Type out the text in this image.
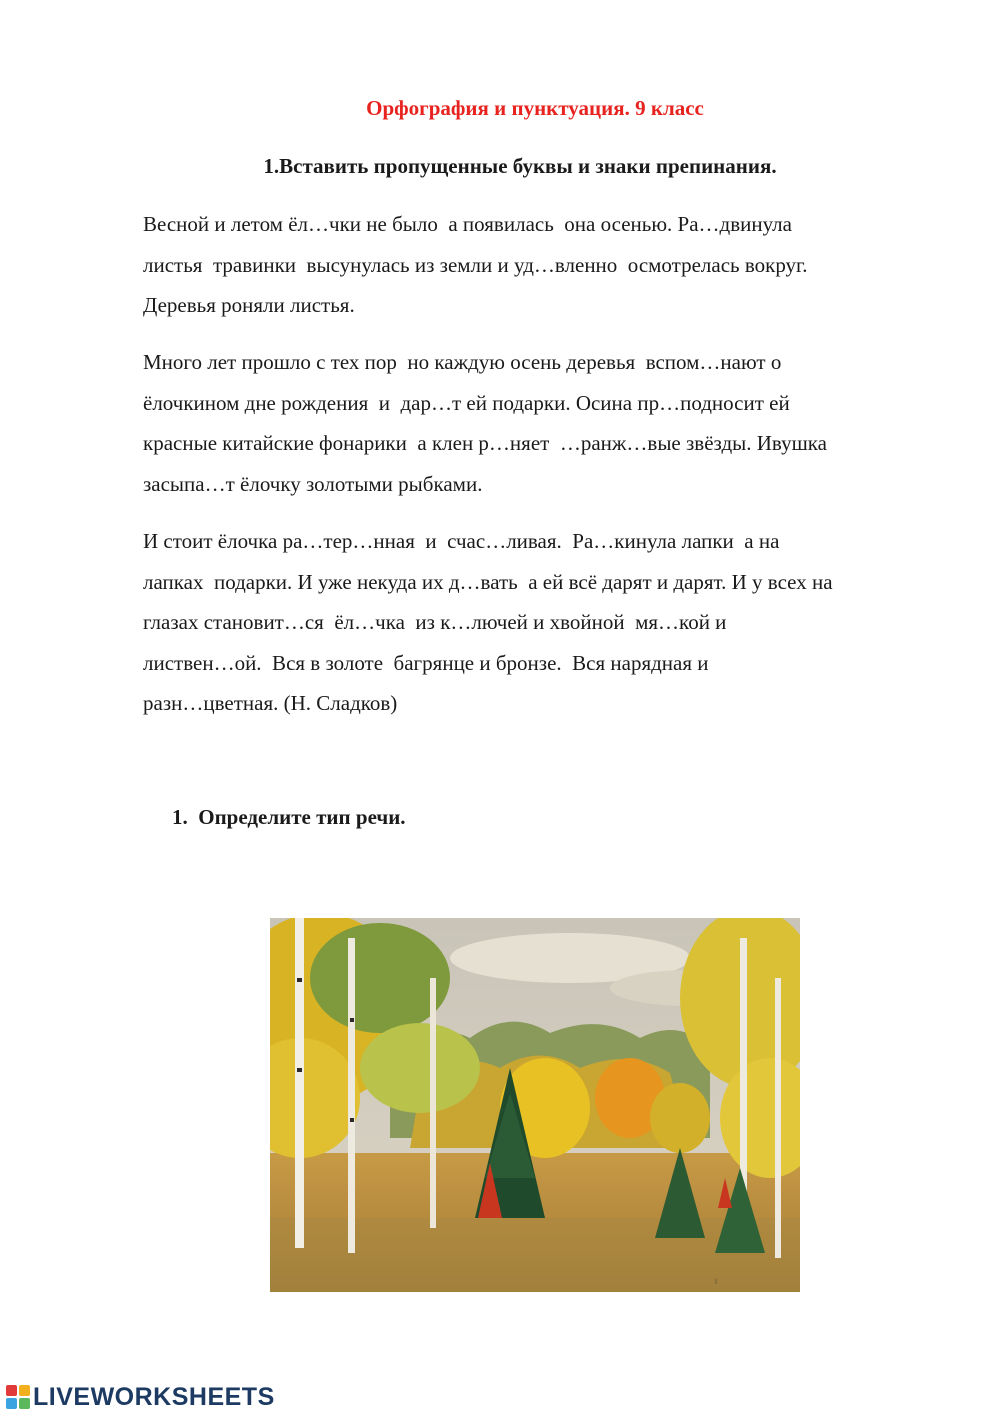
Орфография и пунктуация. 9 класс
1.Вставить пропущенные буквы и знаки препинания.

Весной и летом ёл…чки не было  а появилась  она осенью. Ра…двинула
листья  травинки  высунулась из земли и уд…вленно  осмотрелась вокруг.
Деревья роняли листья.

Много лет прошло с тех пор  но каждую осень деревья  вспом…нают о
ёлочкином дне рождения  и  дар…т ей подарки. Осина пр…подносит ей
красные китайские фонарики  а клен р…няет  …ранж…вые звёзды. Ивушка
засыпа…т ёлочку золотыми рыбками.

И стоит ёлочка ра…тер…нная  и  счас…ливая.  Ра…кинула лапки  а на
лапках  подарки. И уже некуда их д…вать  а ей всё дарят и дарят. И у всех на
глазах становит…ся  ёл…чка  из к…лючей и хвойной  мя…кой и
листвен…ой.  Вся в золоте  багрянце и бронзе.  Вся нарядная и
разн…цветная. (Н. Сладков)

1. Определите тип речи.
ℓ
LIVEWORKSHEETS
